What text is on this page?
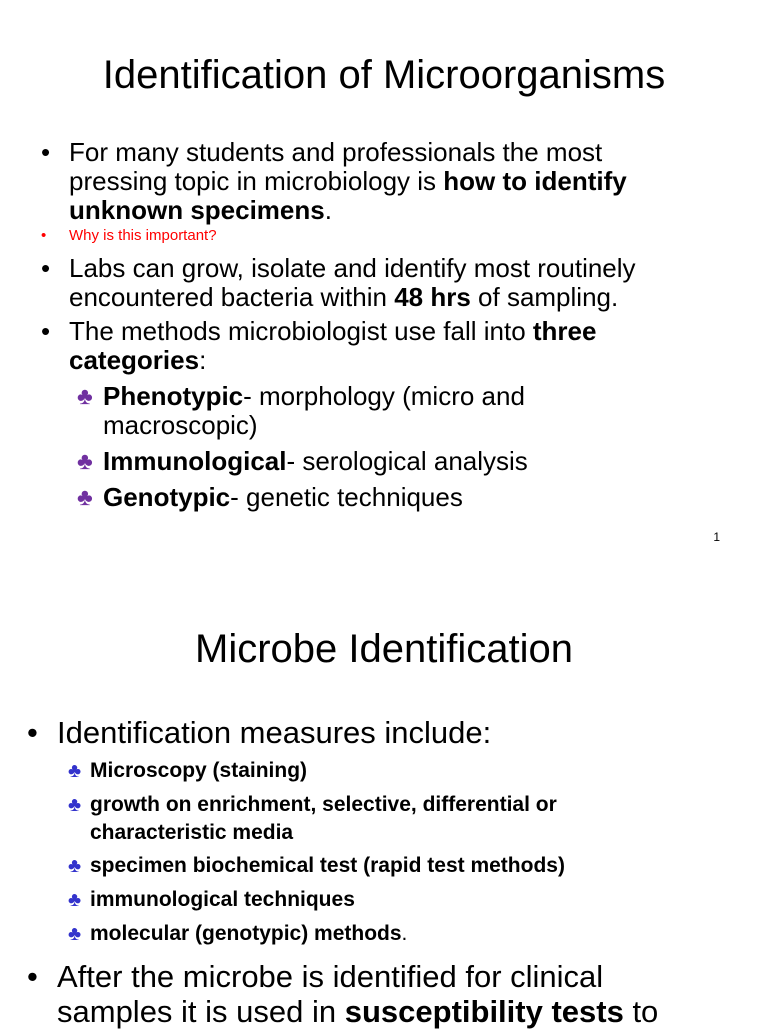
Identification of Microorganisms
• For many students and professionals the most
pressing topic in microbiology is how to identify
unknown specimens.
• Why is this important?
• Labs can grow, isolate and identify most routinely
encountered bacteria within 48 hrs of sampling.
• The methods microbiologist use fall into three
categories:
♣ Phenotypic- morphology (micro and
macroscopic)
♣ Immunological- serological analysis
♣ Genotypic- genetic techniques
1
Microbe Identification
• Identification measures include:
♣ Microscopy (staining)
♣ growth on enrichment, selective, differential or
characteristic media
♣ specimen biochemical test (rapid test methods)
♣ immunological techniques
♣ molecular (genotypic) methods.
• After the microbe is identified for clinical
samples it is used in susceptibility tests to
